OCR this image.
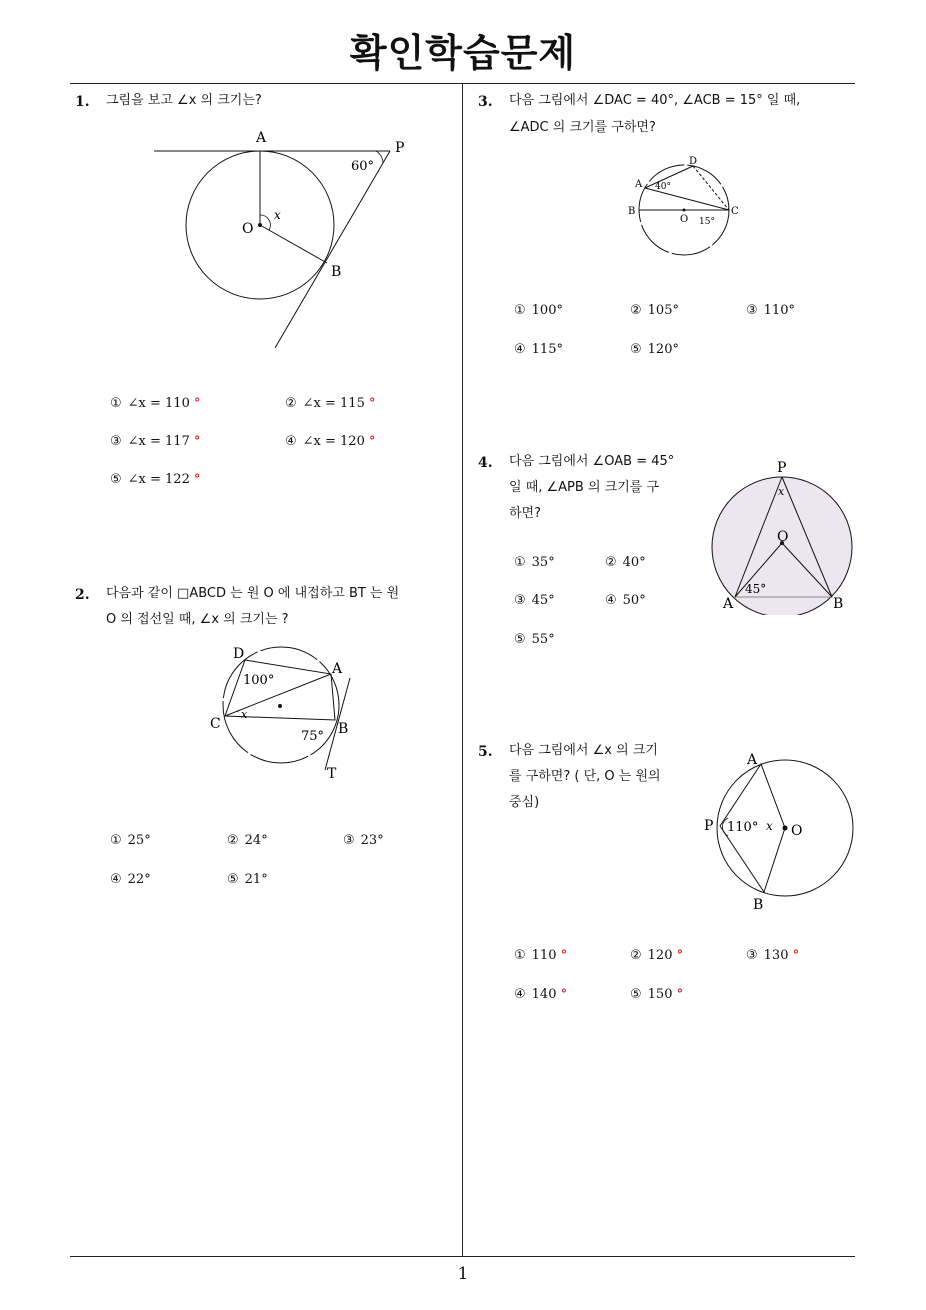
확인학습문제
1
1. 그림을 보고 ∠x 의 크기는?
A
P
O
B
60°
x
① ∠x = 110 °	② ∠x = 115 °
③ ∠x = 117 °	④ ∠x = 120 °
⑤ ∠x = 122 °
2. 다음과 같이 □ABCD 는 원 O 에 내접하고 BT 는 원
O 의 접선일 때, ∠x 의 크기는 ?
D
A
C	B
T
100°
75°
x
① 25°	② 24°	③ 23°
④ 22°	⑤ 21°
3. 다음 그림에서 ∠DAC = 40°, ∠ACB = 15° 일 때,
∠ADC 의 크기를 구하면?
D
A
B
O
C
40°
15°
① 100°	② 105°	③ 110°
④ 115°	⑤ 120°
4. 다음 그림에서 ∠OAB = 45°
일 때, ∠APB 의 크기를 구
하면?
P
O
A	B
45°
x
① 35°	② 40°
③ 45°	④ 50°
⑤ 55°
5. 다음 그림에서 ∠x 의 크기
를 구하면? ( 단, O 는 원의
중심)
A
P	O
B
110° x
① 110 °	② 120 °	③ 130 °
④ 140 °	⑤ 150 °
